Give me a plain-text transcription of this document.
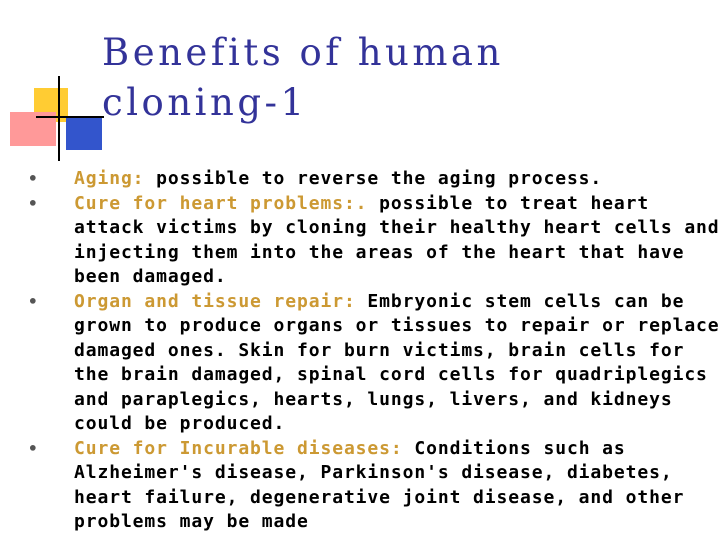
Benefits of human
cloning-1
•	Aging: possible to reverse the aging process.
•	Cure for heart problems:. possible to treat heart attack victims by cloning their healthy heart cells and injecting them into the areas of the heart that have been damaged.
•	Organ and tissue repair: Embryonic stem cells can be grown to produce organs or tissues to repair or replace damaged ones. Skin for burn victims, brain cells for the brain damaged, spinal cord cells for quadriplegics and paraplegics, hearts, lungs, livers, and kidneys could be produced.
•	Cure for Incurable diseases: Conditions such as Alzheimer's disease, Parkinson's disease, diabetes, heart failure, degenerative joint disease, and other problems may be made
